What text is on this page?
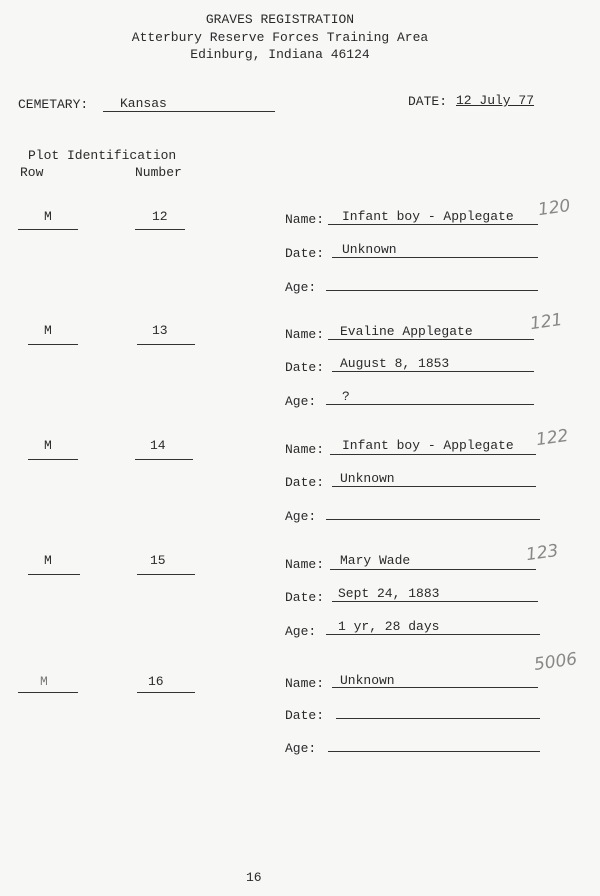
GRAVES REGISTRATION
Atterbury Reserve Forces Training Area
Edinburg, Indiana 46124
CEMETARY: Kansas	DATE: 12 July 77
Plot Identification
Row	Number
M	12	Name: Infant boy - Applegate 120
Date: Unknown
Age:
M	13	Name: Evaline Applegate	121
Date: August 8, 1853
Age: ?
M	14	Name: Infant boy - Applegate 122
Date: Unknown
Age:
M	15	Name: Mary Wade	123
Date: Sept 24, 1883
Age: 1 yr, 28 days
M	16	Name: Unknown
5006
Date:
Age:
16
